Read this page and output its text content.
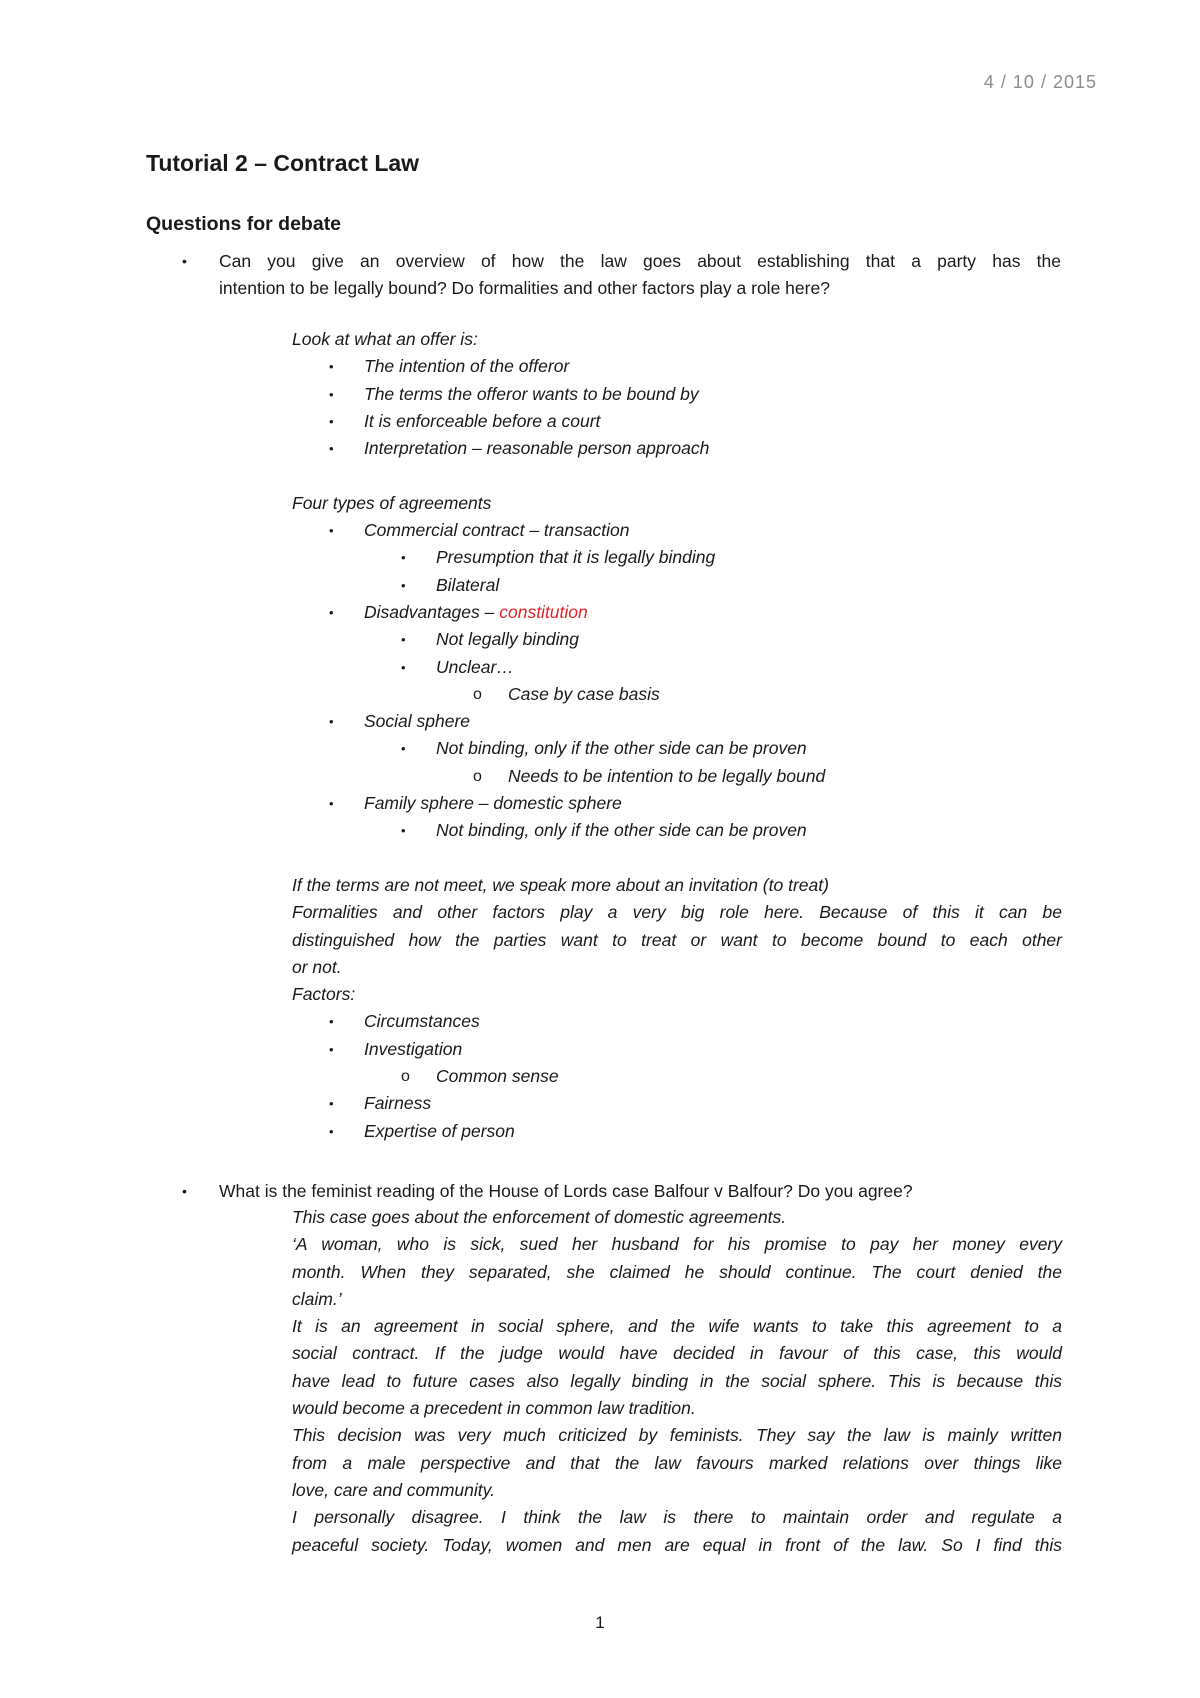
4 / 10 / 2015
Tutorial 2 – Contract Law
Questions for debate
• Can you give an overview of how the law goes about establishing that a party has the

intention to be legally bound? Do formalities and other factors play a role here?

Look at what an offer is:

• The intention of the offeror
• The terms the offeror wants to be bound by
• It is enforceable before a court
• Interpretation – reasonable person approach

Four types of agreements

• Commercial contract – transaction
• Presumption that it is legally binding
• Bilateral
• Disadvantages – constitution
• Not legally binding
• Unclear…
o Case by case basis
• Social sphere
• Not binding, only if the other side can be proven
o Needs to be intention to be legally bound
• Family sphere – domestic sphere
• Not binding, only if the other side can be proven

If the terms are not meet, we speak more about an invitation (to treat)

Formalities and other factors play a very big role here. Because of this it can be

distinguished how the parties want to treat or want to become bound to each other

or not.

Factors:

• Circumstances
• Investigation
o Common sense
• Fairness
• Expertise of person
• What is the feminist reading of the House of Lords case Balfour v Balfour? Do you agree?

This case goes about the enforcement of domestic agreements.

‘A woman, who is sick, sued her husband for his promise to pay her money every

month. When they separated, she claimed he should continue. The court denied the

claim.’

It is an agreement in social sphere, and the wife wants to take this agreement to a

social contract. If the judge would have decided in favour of this case, this would

have lead to future cases also legally binding in the social sphere. This is because this

would become a precedent in common law tradition.

This decision was very much criticized by feminists. They say the law is mainly written

from a male perspective and that the law favours marked relations over things like

love, care and community.

I personally disagree. I think the law is there to maintain order and regulate a

peaceful society. Today, women and men are equal in front of the law. So I find this

1
